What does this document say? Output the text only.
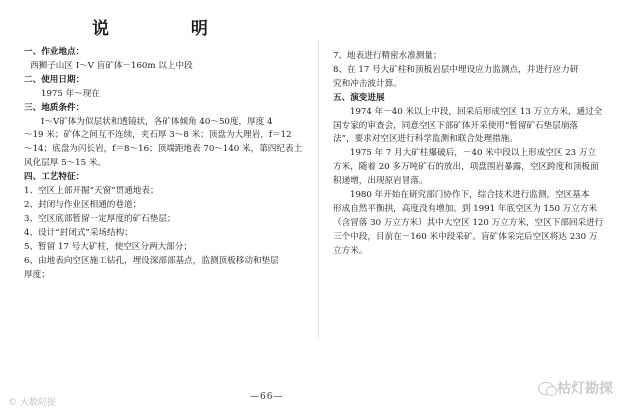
说 明

一、作业地点：

西狮子山区 Ⅰ～Ⅴ 盲矿体－160m 以上中段

二、使用日期：

1975 年～现在

三、地质条件：

Ⅰ～Ⅴ矿体为似层状和透镜状，各矿体倾角 40～50度，厚度 4

～19 米；矿体之间互不连续，夹石厚 3～8 米；顶盘为大理岩，f＝12

～14；底盘为闪长岩，f＝8～16；顶端距地表 70～140 米，第四纪表土

风化层厚 5～15 米。

四、工艺特征：

1、空区上部开掘“天窗”贯通地表；

2、封闭与作业区相通的巷道；

3、空区底部暂留一定厚度的矿石垫层；

4、设计“封闭式”采场结构；

5、暂留 17 号大矿柱，使空区分两大部分；

6、由地表向空区施工钻孔，埋设深部部基点，监测顶板移动和垫层

厚度；

7、地表进行精密水准测量；

8、在 17 号大矿柱和顶板岩层中埋设应力监测点，并进行应力研

究和冲击波计算。

五、演变进展

1974 年－40 米以上中段，回采后形成空区 13 万立方米，通过全

国专家的审查会，同意空区下部矿体开采使用“暂留矿石垫层崩落

法”，要求对空区进行科学监测和联合处理措施。

1975 年 7 月大矿柱爆破后，－40 米中段以上形成空区 23 万立

方米，随着 20 多万吨矿石的放出，项盘围岩暴露，空区跨度和顶板面

积递增，出现原岩冒落。

1980 年开始在研究部门协作下，综合技术进行监测，空区基本

形成自然平衡拱，高度没有增加。到 1991 年底空区为 150 万立方米

（含冒落 30 万立方米）其中大空区 120 万立方米，空区下部回采进行

三个中段，目前在－160 米中段采矿。盲矿体采完后空区将达 230 万

立方米。

—66—
© 大数院提
枯灯勘探
